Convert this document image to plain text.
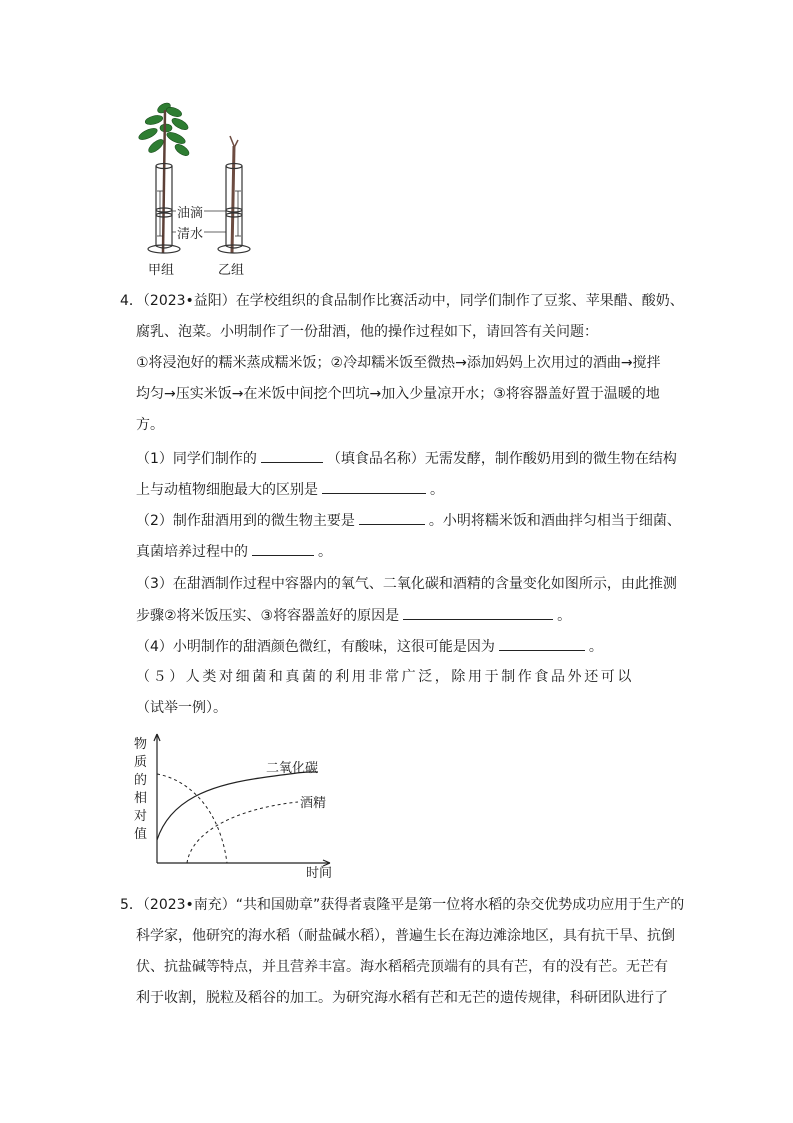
油滴
清水
甲组	乙组
4．（2023•益阳）在学校组织的食品制作比赛活动中，同学们制作了豆浆、苹果醋、酸奶、
腐乳、泡菜。小明制作了一份甜酒，他的操作过程如下，请回答有关问题：
①将浸泡好的糯米蒸成糯米饭；②冷却糯米饭至微热→添加妈妈上次用过的酒曲→搅拌
均匀→压实米饭→在米饭中间挖个凹坑→加入少量凉开水；③将容器盖好置于温暖的地
方。
（1）同学们制作的	（填食品名称）无需发酵，制作酸奶用到的微生物在结构
上与动植物细胞最大的区别是	。
（2）制作甜酒用到的微生物主要是	。小明将糯米饭和酒曲拌匀相当于细菌、
真菌培养过程中的	。
（3）在甜酒制作过程中容器内的氧气、二氧化碳和酒精的含量变化如图所示，由此推测
步骤②将米饭压实、③将容器盖好的原因是	。
（4）小明制作的甜酒颜色微红，有酸味，这很可能是因为	。
（５）人类对细菌和真菌的利用非常广泛，除用于制作食品外还可以
（试举一例）。
物
质
的
相
对
值
二氧化碳
酒精
时间
5．（2023•南充）“共和国勋章”获得者袁隆平是第一位将水稻的杂交优势成功应用于生产的
科学家，他研究的海水稻（耐盐碱水稻），普遍生长在海边滩涂地区，具有抗干旱、抗倒
伏、抗盐碱等特点，并且营养丰富。海水稻稻壳顶端有的具有芒，有的没有芒。无芒有
利于收割，脱粒及稻谷的加工。为研究海水稻有芒和无芒的遗传规律，科研团队进行了
